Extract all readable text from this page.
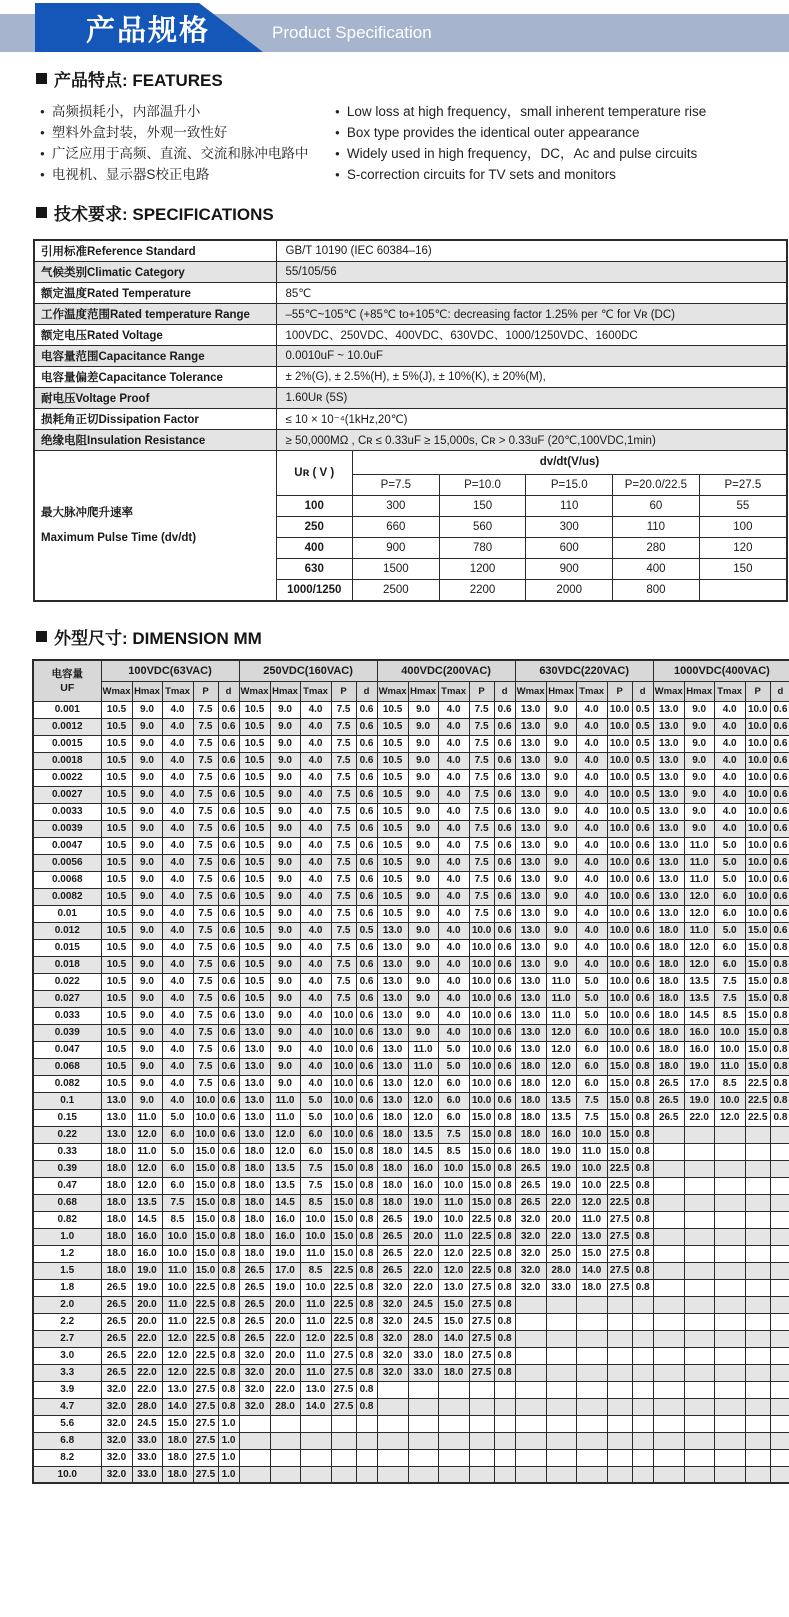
产品规格	Product Specification
产品特点: FEATURES
● 高频损耗小，内部温升小
● 塑料外盒封装，外观一致性好
● 广泛应用于高频、直流、交流和脉冲电路中
● 电视机、显示器S校正电路
● Low loss at high frequency，small inherent temperature rise
● Box type provides the identical outer appearance
● Widely used in high frequency，DC，Ac and pulse circuits
● S-correction circuits for TV sets and monitors
技术要求: SPECIFICATIONS
引用标准Reference Standard	GB/T 10190 (IEC 60384–16)
气候类别Climatic Category	55/105/56
额定温度Rated Temperature	85℃
工作温度范围Rated temperature Range	–55℃~105℃ (+85℃ to+105℃: decreasing factor 1.25% per ℃ for Vʀ (DC)
额定电压Rated Voltage	100VDC、250VDC、400VDC、630VDC、1000/1250VDC、1600DC
电容量范围Capacitance Range	0.0010uF ~ 10.0uF
电容量偏差Capacitance Tolerance	± 2%(G), ± 2.5%(H), ± 5%(J), ± 10%(K), ± 20%(M),
耐电压Voltage Proof	1.60Uʀ (5S)
损耗角正切Dissipation Factor	≤ 10 × 10⁻⁴(1kHz,20℃)
绝缘电阻Insulation Resistance	≥ 50,000MΩ , Cʀ ≤ 0.33uF ≥ 15,000s, Cʀ > 0.33uF (20℃,100VDC,1min)

最大脉冲爬升速率
Maximum Pulse Time (dv/dt)

Uʀ ( V )	dv/dt(V/us)
P=7.5	P=10.0	P=15.0	P=20.0/22.5	P=27.5
100	300	150	110	60	55
250	660	560	300	110	100
400	900	780	600	280	120
630	1500	1200	900	400	150
1000/1250	2500	2200	2000	800	
外型尺寸: DIMENSION MM
电容量
UF	100VDC(63VAC)					250VDC(160VAC)					400VDC(200VAC)					630VDC(220VAC)					1000VDC(400VAC)				
	Wmax	Hmax	Tmax	P	d	Wmax	Hmax	Tmax	P	d	Wmax	Hmax	Tmax	P	d	Wmax	Hmax	Tmax	P	d	Wmax	Hmax	Tmax	P	d
0.001	10.5	9.0	4.0	7.5	0.6	10.5	9.0	4.0	7.5	0.6	10.5	9.0	4.0	7.5	0.6	13.0	9.0	4.0	10.0	0.5	13.0	9.0	4.0	10.0	0.6
0.0012	10.5	9.0	4.0	7.5	0.6	10.5	9.0	4.0	7.5	0.6	10.5	9.0	4.0	7.5	0.6	13.0	9.0	4.0	10.0	0.5	13.0	9.0	4.0	10.0	0.6
0.0015	10.5	9.0	4.0	7.5	0.6	10.5	9.0	4.0	7.5	0.6	10.5	9.0	4.0	7.5	0.6	13.0	9.0	4.0	10.0	0.5	13.0	9.0	4.0	10.0	0.6
0.0018	10.5	9.0	4.0	7.5	0.6	10.5	9.0	4.0	7.5	0.6	10.5	9.0	4.0	7.5	0.6	13.0	9.0	4.0	10.0	0.5	13.0	9.0	4.0	10.0	0.6
0.0022	10.5	9.0	4.0	7.5	0.6	10.5	9.0	4.0	7.5	0.6	10.5	9.0	4.0	7.5	0.6	13.0	9.0	4.0	10.0	0.5	13.0	9.0	4.0	10.0	0.6
0.0027	10.5	9.0	4.0	7.5	0.6	10.5	9.0	4.0	7.5	0.6	10.5	9.0	4.0	7.5	0.6	13.0	9.0	4.0	10.0	0.5	13.0	9.0	4.0	10.0	0.6
0.0033	10.5	9.0	4.0	7.5	0.6	10.5	9.0	4.0	7.5	0.6	10.5	9.0	4.0	7.5	0.6	13.0	9.0	4.0	10.0	0.5	13.0	9.0	4.0	10.0	0.6
0.0039	10.5	9.0	4.0	7.5	0.6	10.5	9.0	4.0	7.5	0.6	10.5	9.0	4.0	7.5	0.6	13.0	9.0	4.0	10.0	0.6	13.0	9.0	4.0	10.0	0.6
0.0047	10.5	9.0	4.0	7.5	0.6	10.5	9.0	4.0	7.5	0.6	10.5	9.0	4.0	7.5	0.6	13.0	9.0	4.0	10.0	0.6	13.0	11.0	5.0	10.0	0.6
0.0056	10.5	9.0	4.0	7.5	0.6	10.5	9.0	4.0	7.5	0.6	10.5	9.0	4.0	7.5	0.6	13.0	9.0	4.0	10.0	0.6	13.0	11.0	5.0	10.0	0.6
0.0068	10.5	9.0	4.0	7.5	0.6	10.5	9.0	4.0	7.5	0.6	10.5	9.0	4.0	7.5	0.6	13.0	9.0	4.0	10.0	0.6	13.0	11.0	5.0	10.0	0.6
0.0082	10.5	9.0	4.0	7.5	0.6	10.5	9.0	4.0	7.5	0.6	10.5	9.0	4.0	7.5	0.6	13.0	9.0	4.0	10.0	0.6	13.0	12.0	6.0	10.0	0.6
0.01	10.5	9.0	4.0	7.5	0.6	10.5	9.0	4.0	7.5	0.6	10.5	9.0	4.0	7.5	0.6	13.0	9.0	4.0	10.0	0.6	13.0	12.0	6.0	10.0	0.6
0.012	10.5	9.0	4.0	7.5	0.6	10.5	9.0	4.0	7.5	0.5	13.0	9.0	4.0	10.0	0.6	13.0	9.0	4.0	10.0	0.6	18.0	11.0	5.0	15.0	0.6
0.015	10.5	9.0	4.0	7.5	0.6	10.5	9.0	4.0	7.5	0.6	13.0	9.0	4.0	10.0	0.6	13.0	9.0	4.0	10.0	0.6	18.0	12.0	6.0	15.0	0.8
0.018	10.5	9.0	4.0	7.5	0.6	10.5	9.0	4.0	7.5	0.6	13.0	9.0	4.0	10.0	0.6	13.0	9.0	4.0	10.0	0.6	18.0	12.0	6.0	15.0	0.8
0.022	10.5	9.0	4.0	7.5	0.6	10.5	9.0	4.0	7.5	0.6	13.0	9.0	4.0	10.0	0.6	13.0	11.0	5.0	10.0	0.6	18.0	13.5	7.5	15.0	0.8
0.027	10.5	9.0	4.0	7.5	0.6	10.5	9.0	4.0	7.5	0.6	13.0	9.0	4.0	10.0	0.6	13.0	11.0	5.0	10.0	0.6	18.0	13.5	7.5	15.0	0.8
0.033	10.5	9.0	4.0	7.5	0.6	13.0	9.0	4.0	10.0	0.6	13.0	9.0	4.0	10.0	0.6	13.0	11.0	5.0	10.0	0.6	18.0	14.5	8.5	15.0	0.8
0.039	10.5	9.0	4.0	7.5	0.6	13.0	9.0	4.0	10.0	0.6	13.0	9.0	4.0	10.0	0.6	13.0	12.0	6.0	10.0	0.6	18.0	16.0	10.0	15.0	0.8
0.047	10.5	9.0	4.0	7.5	0.6	13.0	9.0	4.0	10.0	0.6	13.0	11.0	5.0	10.0	0.6	13.0	12.0	6.0	10.0	0.6	18.0	16.0	10.0	15.0	0.8
0.068	10.5	9.0	4.0	7.5	0.6	13.0	9.0	4.0	10.0	0.6	13.0	11.0	5.0	10.0	0.6	18.0	12.0	6.0	15.0	0.8	18.0	19.0	11.0	15.0	0.8
0.082	10.5	9.0	4.0	7.5	0.6	13.0	9.0	4.0	10.0	0.6	13.0	12.0	6.0	10.0	0.6	18.0	12.0	6.0	15.0	0.8	26.5	17.0	8.5	22.5	0.8
0.1	13.0	9.0	4.0	10.0	0.6	13.0	11.0	5.0	10.0	0.6	13.0	12.0	6.0	10.0	0.6	18.0	13.5	7.5	15.0	0.8	26.5	19.0	10.0	22.5	0.8
0.15	13.0	11.0	5.0	10.0	0.6	13.0	11.0	5.0	10.0	0.6	18.0	12.0	6.0	15.0	0.8	18.0	13.5	7.5	15.0	0.8	26.5	22.0	12.0	22.5	0.8
0.22	13.0	12.0	6.0	10.0	0.6	13.0	12.0	6.0	10.0	0.6	18.0	13.5	7.5	15.0	0.8	18.0	16.0	10.0	15.0	0.8					
0.33	18.0	11.0	5.0	15.0	0.6	18.0	12.0	6.0	15.0	0.8	18.0	14.5	8.5	15.0	0.6	18.0	19.0	11.0	15.0	0.8					
0.39	18.0	12.0	6.0	15.0	0.8	18.0	13.5	7.5	15.0	0.8	18.0	16.0	10.0	15.0	0.8	26.5	19.0	10.0	22.5	0.8					
0.47	18.0	12.0	6.0	15.0	0.8	18.0	13.5	7.5	15.0	0.8	18.0	16.0	10.0	15.0	0.8	26.5	19.0	10.0	22.5	0.8					
0.68	18.0	13.5	7.5	15.0	0.8	18.0	14.5	8.5	15.0	0.8	18.0	19.0	11.0	15.0	0.8	26.5	22.0	12.0	22.5	0.8					
0.82	18.0	14.5	8.5	15.0	0.8	18.0	16.0	10.0	15.0	0.8	26.5	19.0	10.0	22.5	0.8	32.0	20.0	11.0	27.5	0.8					
1.0	18.0	16.0	10.0	15.0	0.8	18.0	16.0	10.0	15.0	0.8	26.5	20.0	11.0	22.5	0.8	32.0	22.0	13.0	27.5	0.8					
1.2	18.0	16.0	10.0	15.0	0.8	18.0	19.0	11.0	15.0	0.8	26.5	22.0	12.0	22.5	0.8	32.0	25.0	15.0	27.5	0.8					
1.5	18.0	19.0	11.0	15.0	0.8	26.5	17.0	8.5	22.5	0.8	26.5	22.0	12.0	22.5	0.8	32.0	28.0	14.0	27.5	0.8					
1.8	26.5	19.0	10.0	22.5	0.8	26.5	19.0	10.0	22.5	0.8	32.0	22.0	13.0	27.5	0.8	32.0	33.0	18.0	27.5	0.8					
2.0	26.5	20.0	11.0	22.5	0.8	26.5	20.0	11.0	22.5	0.8	32.0	24.5	15.0	27.5	0.8										
2.2	26.5	20.0	11.0	22.5	0.8	26.5	20.0	11.0	22.5	0.8	32.0	24.5	15.0	27.5	0.8										
2.7	26.5	22.0	12.0	22.5	0.8	26.5	22.0	12.0	22.5	0.8	32.0	28.0	14.0	27.5	0.8										
3.0	26.5	22.0	12.0	22.5	0.8	32.0	20.0	11.0	27.5	0.8	32.0	33.0	18.0	27.5	0.8										
3.3	26.5	22.0	12.0	22.5	0.8	32.0	20.0	11.0	27.5	0.8	32.0	33.0	18.0	27.5	0.8										
3.9	32.0	22.0	13.0	27.5	0.8	32.0	22.0	13.0	27.5	0.8															
4.7	32.0	28.0	14.0	27.5	0.8	32.0	28.0	14.0	27.5	0.8															
5.6	32.0	24.5	15.0	27.5	1.0																				
6.8	32.0	33.0	18.0	27.5	1.0																				
8.2	32.0	33.0	18.0	27.5	1.0																				
10.0	32.0	33.0	18.0	27.5	1.0																				
